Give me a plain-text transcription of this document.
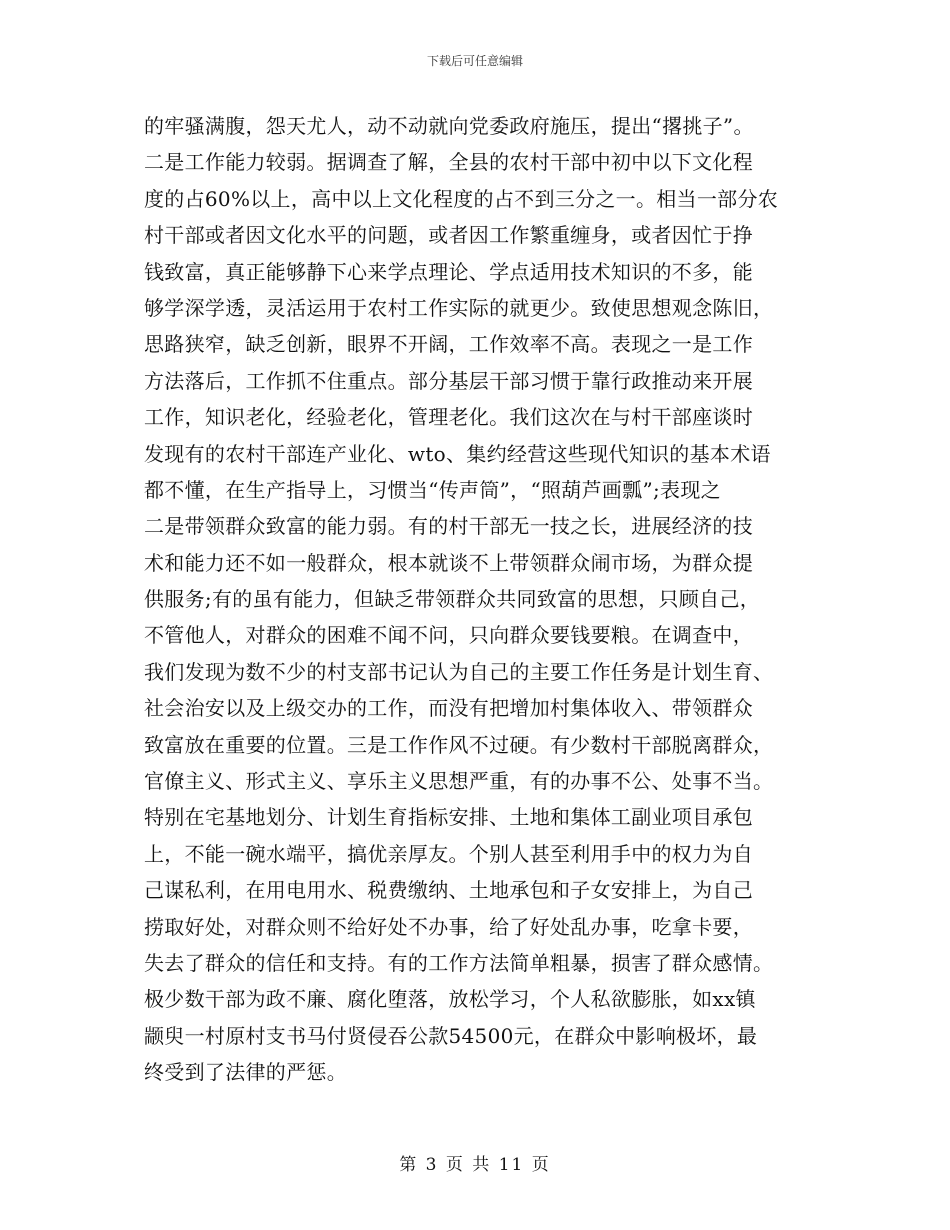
下载后可任意编辑
的牢骚满腹，怨天尤人，动不动就向党委政府施压，提出“撂挑子”。
二是工作能力较弱。据调查了解，全县的农村干部中初中以下文化程
度的占60%以上，高中以上文化程度的占不到三分之一。相当一部分农
村干部或者因文化水平的问题，或者因工作繁重缠身，或者因忙于挣
钱致富，真正能够静下心来学点理论、学点适用技术知识的不多，能
够学深学透，灵活运用于农村工作实际的就更少。致使思想观念陈旧，
思路狭窄，缺乏创新，眼界不开阔，工作效率不高。表现之一是工作
方法落后，工作抓不住重点。部分基层干部习惯于靠行政推动来开展
工作，知识老化，经验老化，管理老化。我们这次在与村干部座谈时
发现有的农村干部连产业化、wto、集约经营这些现代知识的基本术语
都不懂，在生产指导上，习惯当“传声筒”，“照葫芦画瓢”;表现之
二是带领群众致富的能力弱。有的村干部无一技之长，进展经济的技
术和能力还不如一般群众，根本就谈不上带领群众闹市场，为群众提
供服务;有的虽有能力，但缺乏带领群众共同致富的思想，只顾自己，
不管他人，对群众的困难不闻不问，只向群众要钱要粮。在调查中，
我们发现为数不少的村支部书记认为自己的主要工作任务是计划生育、
社会治安以及上级交办的工作，而没有把增加村集体收入、带领群众
致富放在重要的位置。三是工作作风不过硬。有少数村干部脱离群众，
官僚主义、形式主义、享乐主义思想严重，有的办事不公、处事不当。
特别在宅基地划分、计划生育指标安排、土地和集体工副业项目承包
上，不能一碗水端平，搞优亲厚友。个别人甚至利用手中的权力为自
己谋私利，在用电用水、税费缴纳、土地承包和子女安排上，为自己
捞取好处，对群众则不给好处不办事，给了好处乱办事，吃拿卡要，
失去了群众的信任和支持。有的工作方法简单粗暴，损害了群众感情。
极少数干部为政不廉、腐化堕落，放松学习，个人私欲膨胀，如xx镇
颛臾一村原村支书马付贤侵吞公款54500元，在群众中影响极坏，最
终受到了法律的严惩。
第 3 页 共 11 页
